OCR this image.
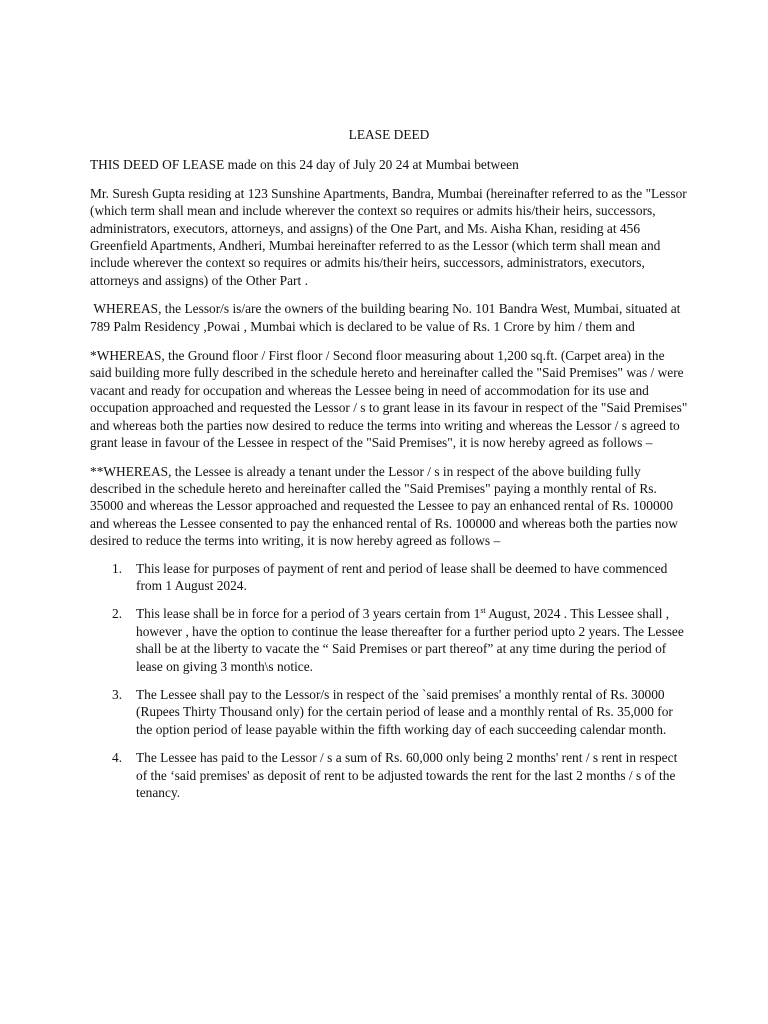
LEASE DEED

THIS DEED OF LEASE made on this 24 day of July 20 24 at Mumbai between

Mr. Suresh Gupta residing at 123 Sunshine Apartments, Bandra, Mumbai (hereinafter referred to as the "Lessor (which term shall mean and include wherever the context so requires or admits his/their heirs, successors, administrators, executors, attorneys, and assigns) of the One Part, and Ms. Aisha Khan, residing at 456 Greenfield Apartments, Andheri, Mumbai hereinafter referred to as the Lessor (which term shall mean and include wherever the context so requires or admits his/their heirs, successors, administrators, executors, attorneys and assigns) of the Other Part .

WHEREAS, the Lessor/s is/are the owners of the building bearing No. 101 Bandra West, Mumbai, situated at  789 Palm Residency ,Powai , Mumbai which is declared to be value of Rs. 1 Crore by him / them and

*WHEREAS, the Ground floor / First floor / Second floor measuring about 1,200 sq.ft. (Carpet area) in the said building more fully described in the schedule hereto and hereinafter called the "Said Premises" was / were vacant and ready for occupation and whereas the Lessee being in need of accommodation for its use and occupation approached and requested the Lessor / s to grant lease in its favour in respect of the "Said Premises" and whereas both the parties now desired to reduce the terms into writing and whereas the Lessor / s agreed to grant lease in favour of the Lessee in respect of the "Said Premises", it is now hereby agreed as follows –

**WHEREAS, the Lessee is already a tenant under the Lessor / s in respect of the above building fully described in the schedule hereto and hereinafter called the "Said Premises" paying a monthly rental of Rs. 35000 and whereas the Lessor approached and requested the Lessee to pay an enhanced rental of Rs. 100000 and whereas the Lessee consented to pay the enhanced rental of Rs. 100000 and whereas both the parties now desired to reduce the terms into writing, it is now hereby agreed as follows –

1. This lease for purposes of payment of rent and period of lease shall be deemed to have commenced from 1 August 2024.
2. This lease shall be in force for a period of 3 years certain from 1st August, 2024 . This Lessee shall , however , have the option to continue the lease thereafter for a further period upto 2 years. The Lessee shall be at the liberty to vacate the “ Said Premises or part thereof” at any time during the period of lease on giving 3 month\s notice.
3. The Lessee shall pay to the Lessor/s in respect of the `said premises' a monthly rental of Rs. 30000 (Rupees Thirty Thousand only) for the certain period of lease and a monthly rental of Rs. 35,000 for the option period of lease payable within the fifth working day of each succeeding calendar month.
4. The Lessee has paid to the Lessor / s a sum of Rs. 60,000 only being 2 months' rent / s rent in respect of the ‘said premises' as deposit of rent to be adjusted towards the rent for the last 2 months / s of the tenancy.
